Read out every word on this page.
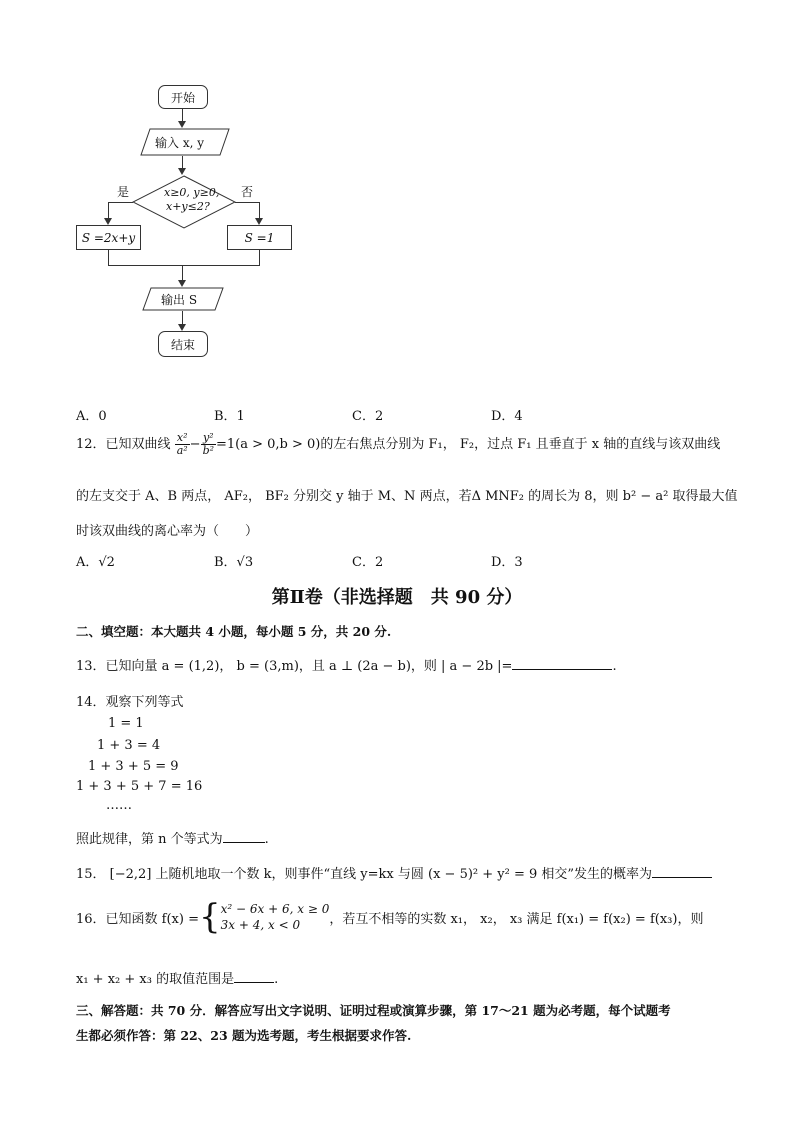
开始
输入 x, y
x≥0, y≥0,
x+y≤2?
是	否
S =2x+y	S =1
输出 S
结束
A．0	B．1	C．2	D．4
12．已知双曲线 $\frac{\text{x²}}{\text{a²}} - \frac{\text{y²}}{\text{b²}} =1(a > 0,b > 0)$的左右焦点分别为 F₁， F₂，过点 F₁ 且垂直于 x 轴的直线与该双曲线
的左支交于 A、B 两点， AF₂， BF₂ 分别交 y 轴于 M、N 两点，若Δ MNF₂ 的周长为 8，则 b² − a² 取得最大值
时该双曲线的离心率为（　　）
A．√2	B．√3	C．2	D．3
第Ⅱ卷（非选择题　共 90 分）
二、填空题：本大题共 4 小题，每小题 5 分，共 20 分.
13．已知向量 a = (1,2)， b = (3,m)，且 a ⊥ (2a − b)，则 | a − 2b |=	.
14．观察下列等式
1 = 1
1 + 3 = 4
1 + 3 + 5 = 9
1 + 3 + 5 + 7 = 16
……
照此规律，第 n 个等式为	.
15． [−2,2] 上随机地取一个数 k，则事件“直线 y=kx 与圆 (x − 5)² + y² = 9 相交”发生的概率为
16．已知函数 f(x) = { x² − 6x + 6, x ≥ 0
3x + 4, x < 0	，若互不相等的实数 x₁， x₂， x₃ 满足 f(x₁) = f(x₂) = f(x₃)，则
x₁ + x₂ + x₃ 的取值范围是	.
三、解答题：共 70 分．解答应写出文字说明、证明过程或演算步骤，第 17～21 题为必考题，每个试题考
生都必须作答：第 22、23 题为选考题，考生根据要求作答.
